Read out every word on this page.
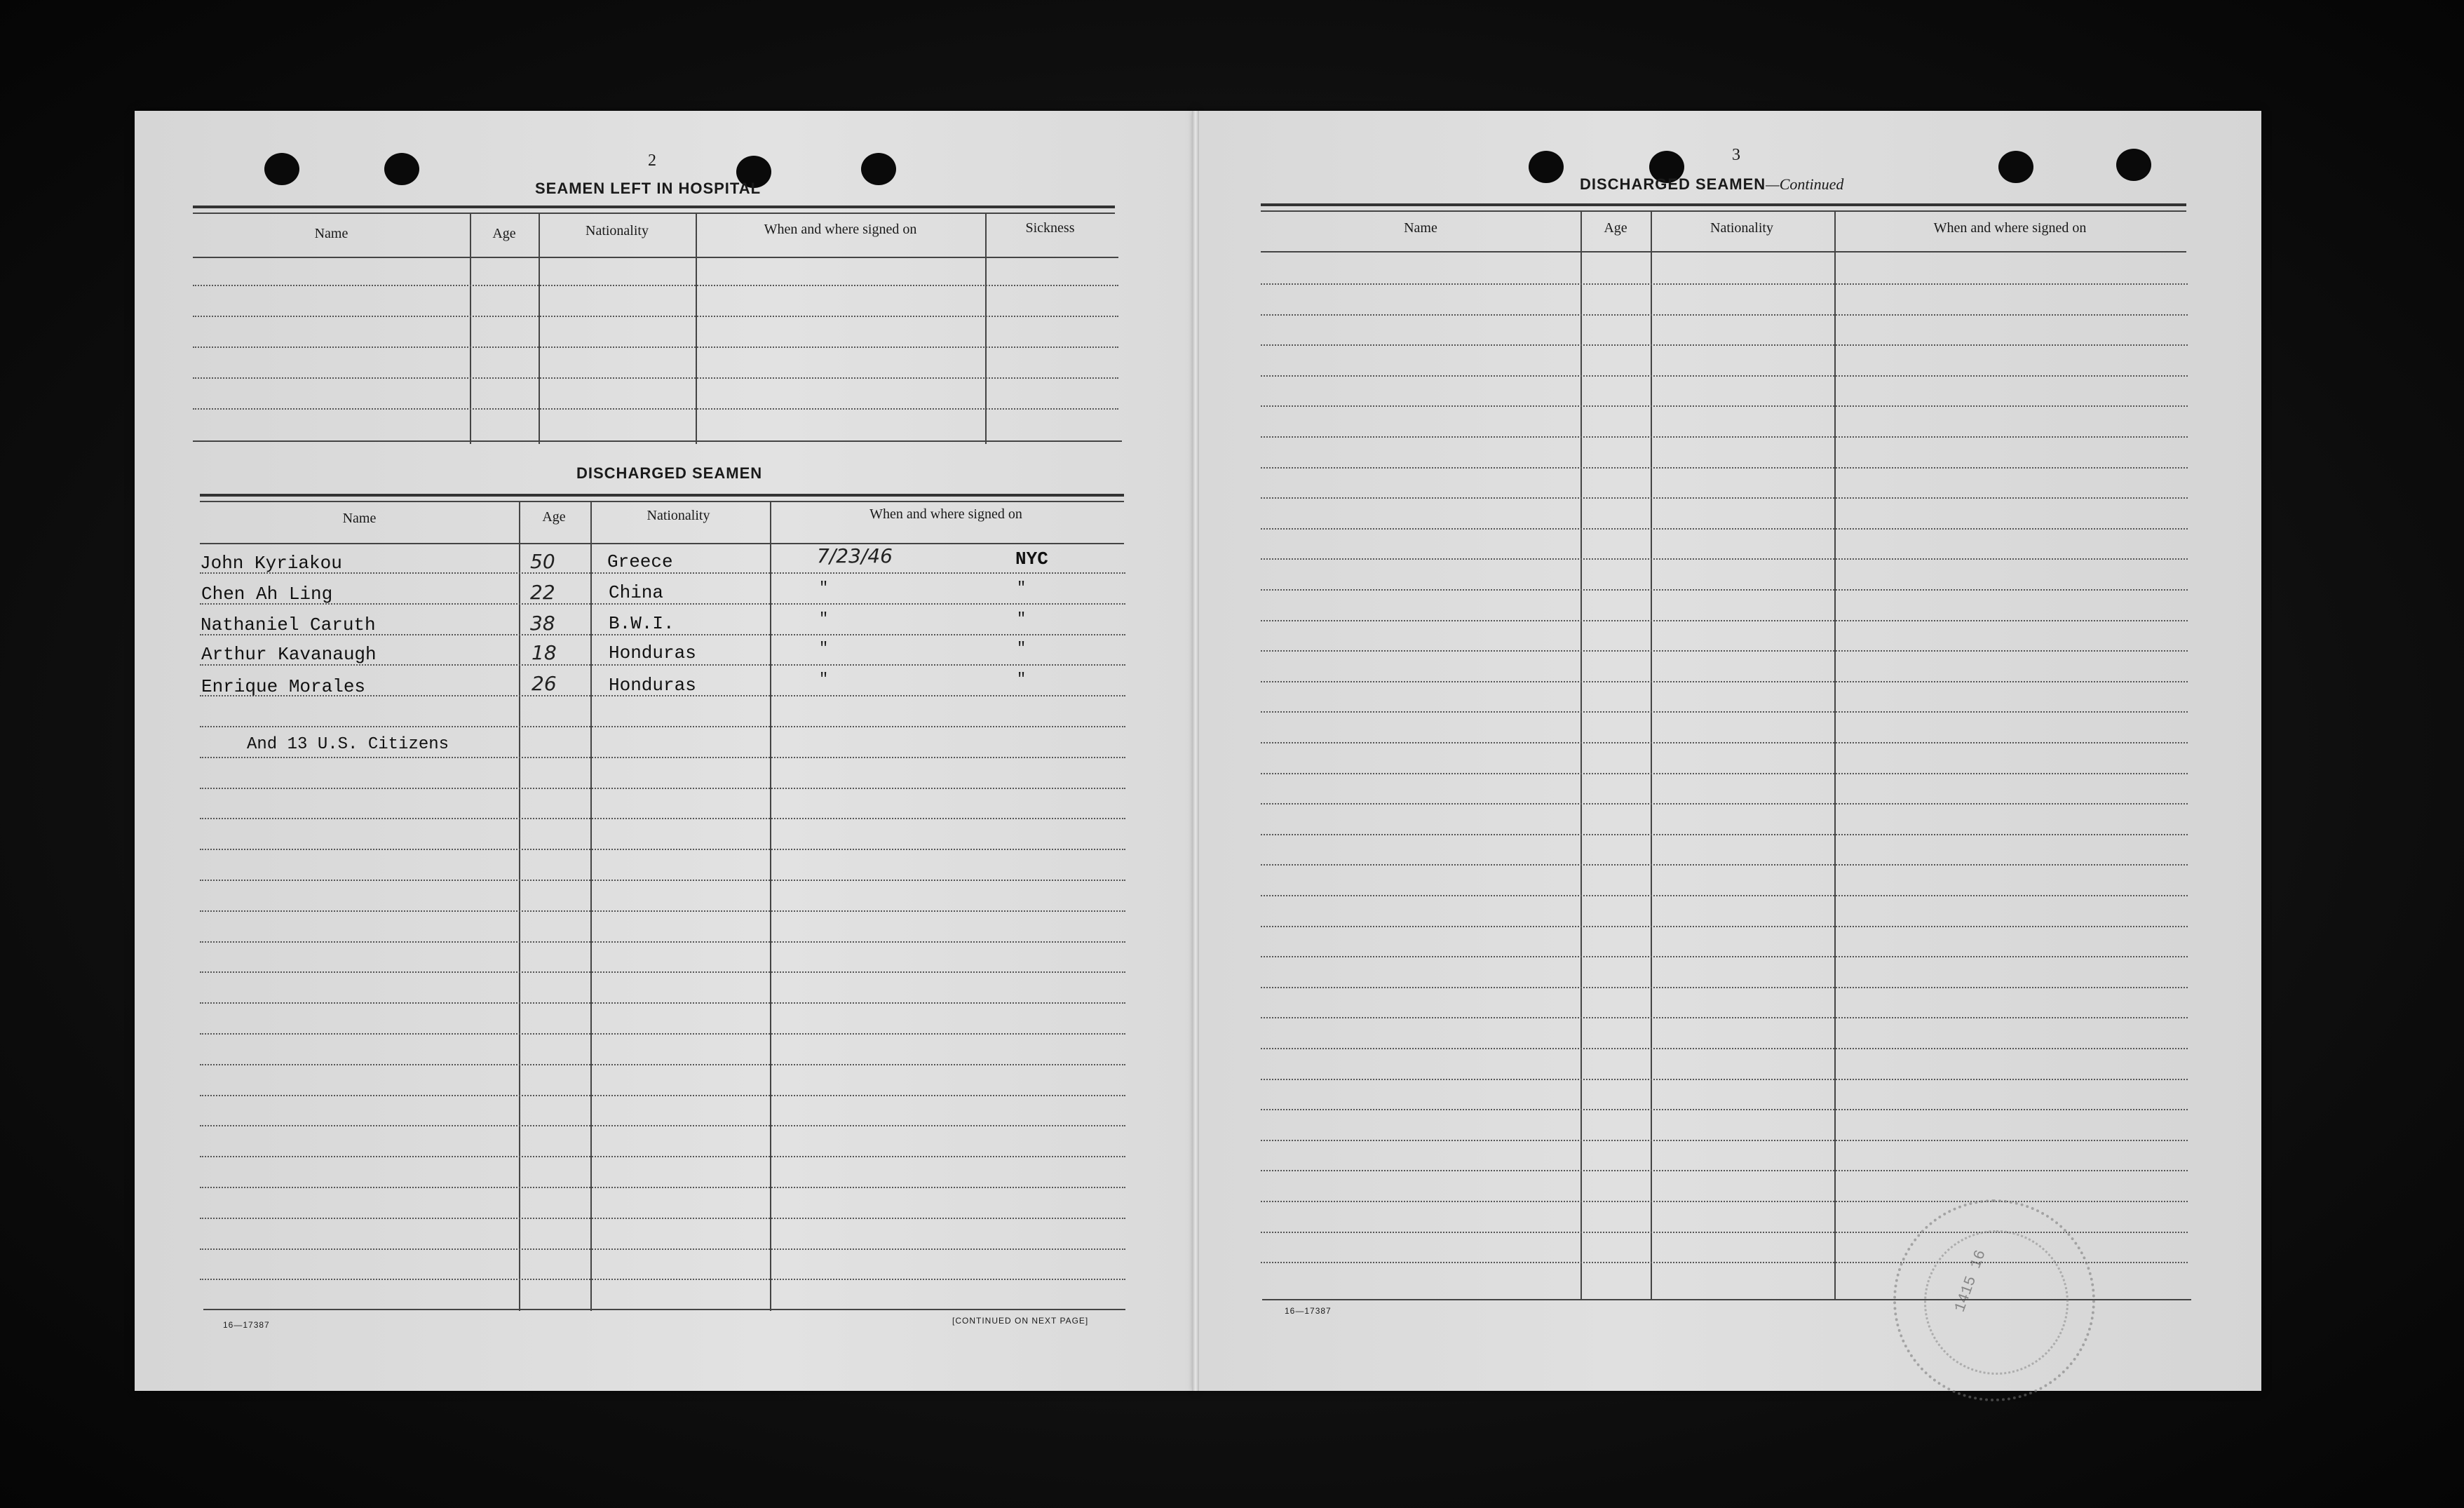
2
SEAMEN LEFT IN HOSPITAL
Name	Age	Nationality	When and where signed on	Sickness
DISCHARGED SEAMEN
Name	Age	Nationality	When and where signed on
John Kyriakou	50	Greece	7/23/46	NYC
Chen Ah Ling	22	China	"	"
Nathaniel Caruth	38	B.W.I.	"	"
Arthur Kavanaugh	18	Honduras	"	"
Enrique Morales	26	Honduras	"	"
And 13 U.S. Citizens
16—17387	[CONTINUED ON NEXT PAGE]
3
DISCHARGED SEAMEN—Continued
Name	Age	Nationality	When and where signed on
16—17387	1415 16
